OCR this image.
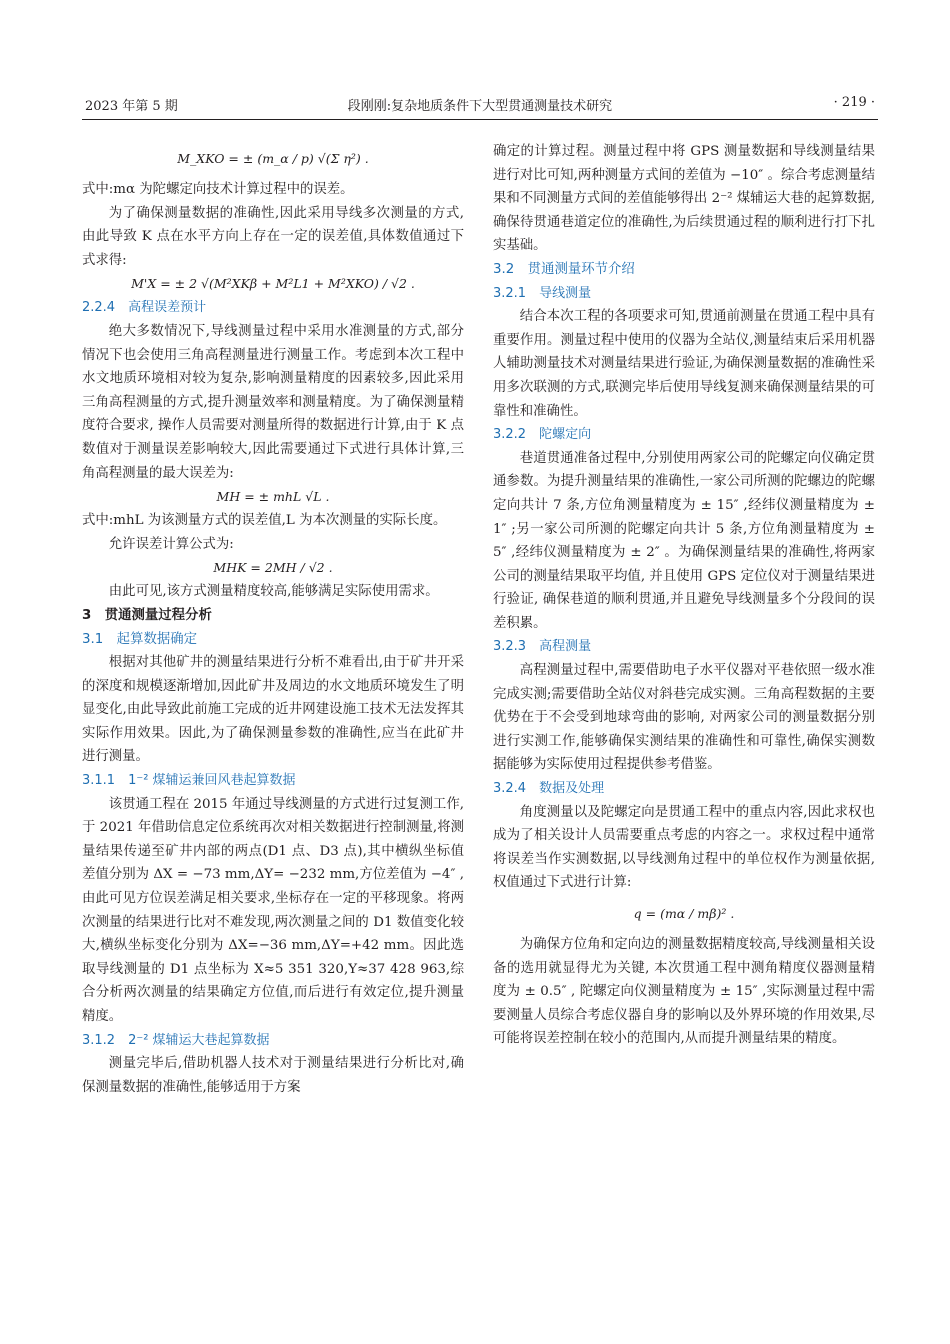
2023 年第 5 期	段刚刚:复杂地质条件下大型贯通测量技术研究	· 219 ·

M_XKO = ± (m_α / p) √(Σ η²) .

式中:mα 为陀螺定向技术计算过程中的误差。

为了确保测量数据的准确性,因此采用导线多次测量的方式,由此导致 K 点在水平方向上存在一定的误差值,具体数值通过下式求得:

M'X = ± 2 √(M²XKβ + M²L1 + M²XKO) / √2 .

2.2.4　高程误差预计

绝大多数情况下,导线测量过程中采用水准测量的方式,部分情况下也会使用三角高程测量进行测量工作。考虑到本次工程中水文地质环境相对较为复杂,影响测量精度的因素较多,因此采用三角高程测量的方式,提升测量效率和测量精度。为了确保测量精度符合要求, 操作人员需要对测量所得的数据进行计算,由于 K 点数值对于测量误差影响较大,因此需要通过下式进行具体计算,三角高程测量的最大误差为:

MH = ± mhL √L .

式中:mhL 为该测量方式的误差值,L 为本次测量的实际长度。

允许误差计算公式为:

MHK = 2MH / √2 .

由此可见,该方式测量精度较高,能够满足实际使用需求。

3　贯通测量过程分析

3.1　起算数据确定

根据对其他矿井的测量结果进行分析不难看出,由于矿井开采的深度和规模逐渐增加,因此矿井及周边的水文地质环境发生了明显变化,由此导致此前施工完成的近井网建设施工技术无法发挥其实际作用效果。因此,为了确保测量参数的准确性,应当在此矿井进行测量。

3.1.1　1⁻² 煤辅运兼回风巷起算数据

该贯通工程在 2015 年通过导线测量的方式进行过复测工作, 于 2021 年借助信息定位系统再次对相关数据进行控制测量,将测量结果传递至矿井内部的两点(D1 点、D3 点),其中横纵坐标值差值分别为 ΔX = −73 mm,ΔY= −232 mm,方位差值为 −4″ ,由此可见方位误差满足相关要求,坐标存在一定的平移现象。将两次测量的结果进行比对不难发现,两次测量之间的 D1 数值变化较大,横纵坐标变化分别为 ΔX=−36 mm,ΔY=+42 mm。因此选取导线测量的 D1 点坐标为 X≈5 351 320,Y≈37 428 963,综合分析两次测量的结果确定方位值,而后进行有效定位,提升测量精度。

3.1.2　2⁻² 煤辅运大巷起算数据

测量完毕后,借助机器人技术对于测量结果进行分析比对,确保测量数据的准确性,能够适用于方案

确定的计算过程。测量过程中将 GPS 测量数据和导线测量结果进行对比可知,两种测量方式间的差值为 −10″ 。综合考虑测量结果和不同测量方式间的差值能够得出 2⁻² 煤辅运大巷的起算数据, 确保待贯通巷道定位的准确性,为后续贯通过程的顺利进行打下扎实基础。

3.2　贯通测量环节介绍

3.2.1　导线测量

结合本次工程的各项要求可知,贯通前测量在贯通工程中具有重要作用。测量过程中使用的仪器为全站仪,测量结束后采用机器人辅助测量技术对测量结果进行验证,为确保测量数据的准确性采用多次联测的方式,联测完毕后使用导线复测来确保测量结果的可靠性和准确性。

3.2.2　陀螺定向

巷道贯通准备过程中,分别使用两家公司的陀螺定向仪确定贯通参数。为提升测量结果的准确性,一家公司所测的陀螺边的陀螺定向共计 7 条,方位角测量精度为 ± 15″ ,经纬仪测量精度为 ± 1″ ;另一家公司所测的陀螺定向共计 5 条,方位角测量精度为 ± 5″ ,经纬仪测量精度为 ± 2″ 。为确保测量结果的准确性,将两家公司的测量结果取平均值, 并且使用 GPS 定位仪对于测量结果进行验证, 确保巷道的顺利贯通,并且避免导线测量多个分段间的误差积累。

3.2.3　高程测量

高程测量过程中,需要借助电子水平仪器对平巷依照一级水准完成实测;需要借助全站仪对斜巷完成实测。三角高程数据的主要优势在于不会受到地球弯曲的影响, 对两家公司的测量数据分别进行实测工作,能够确保实测结果的准确性和可靠性,确保实测数据能够为实际使用过程提供参考借鉴。

3.2.4　数据及处理

角度测量以及陀螺定向是贯通工程中的重点内容,因此求权也成为了相关设计人员需要重点考虑的内容之一。求权过程中通常将误差当作实测数据,以导线测角过程中的单位权作为测量依据,权值通过下式进行计算:

q = (mα / mβ)² .

为确保方位角和定向边的测量数据精度较高,导线测量相关设备的选用就显得尤为关键, 本次贯通工程中测角精度仪器测量精度为 ± 0.5″ , 陀螺定向仪测量精度为 ± 15″ ,实际测量过程中需要测量人员综合考虑仪器自身的影响以及外界环境的作用效果,尽可能将误差控制在较小的范围内,从而提升测量结果的精度。
